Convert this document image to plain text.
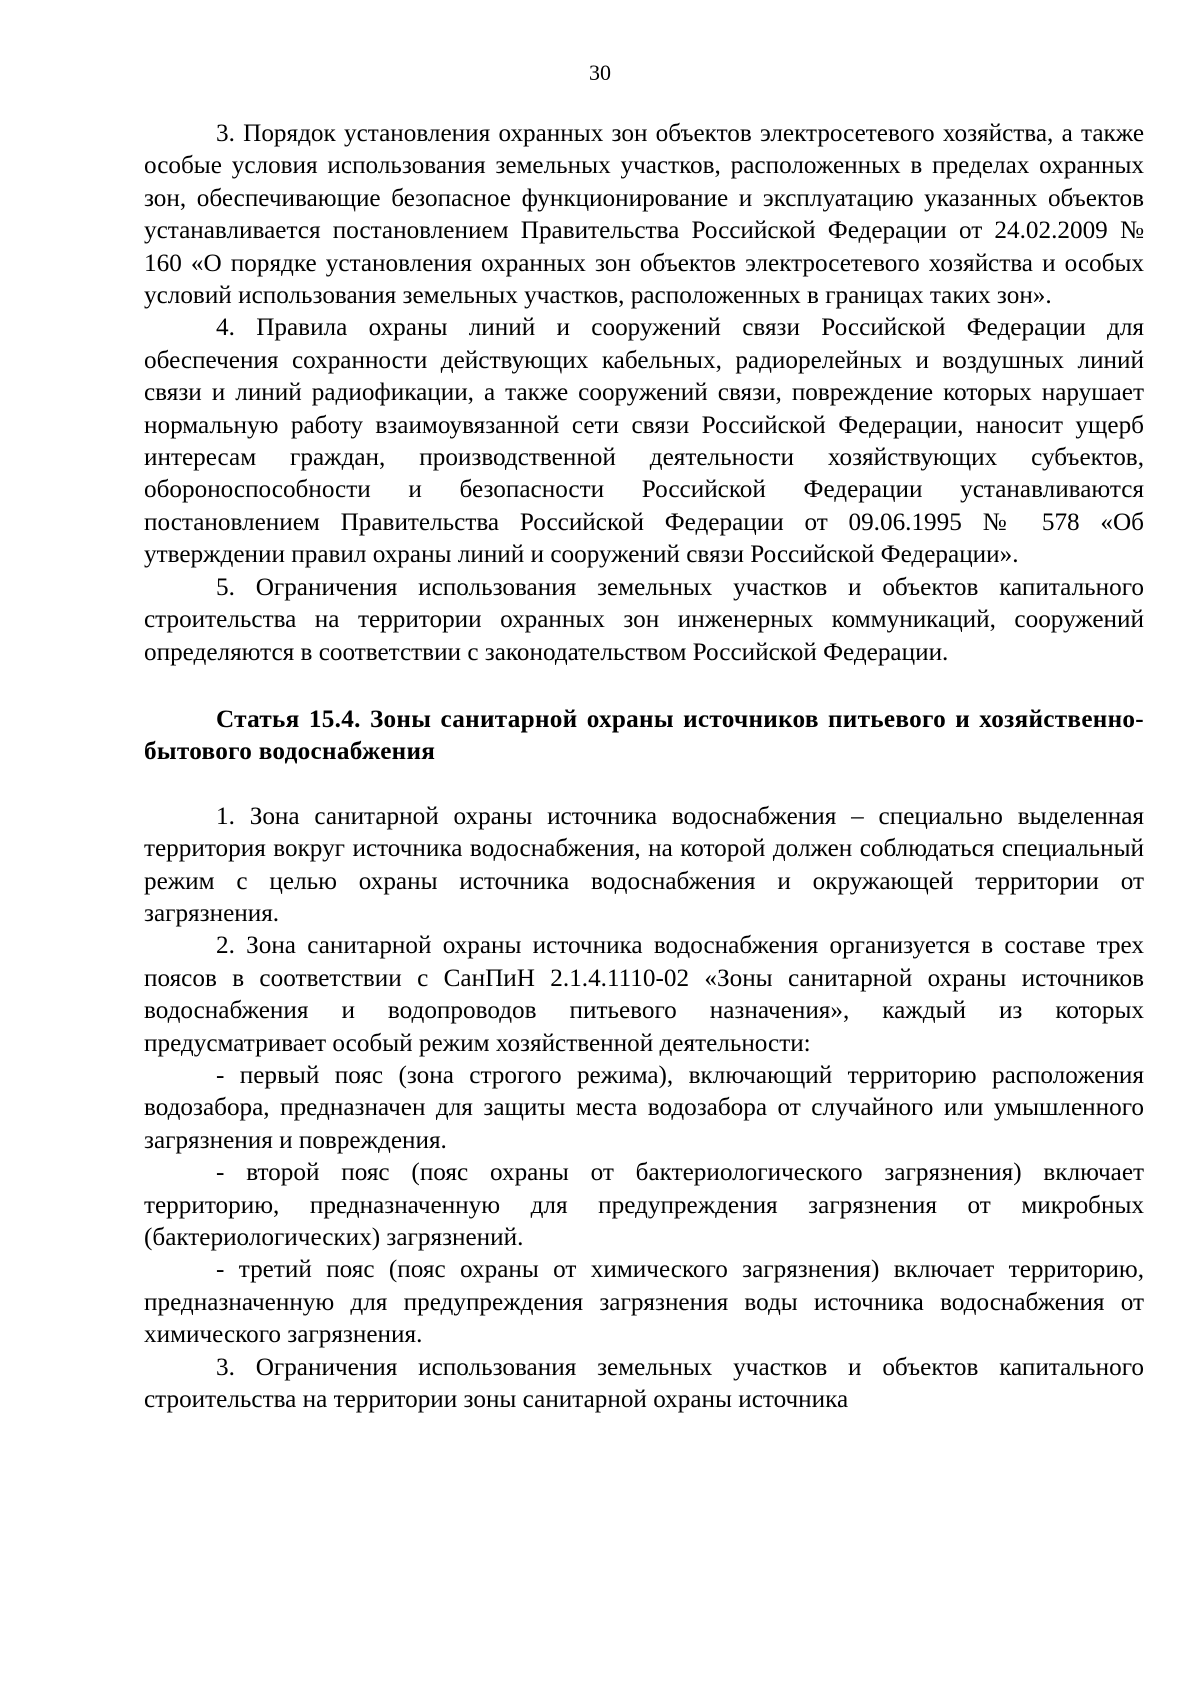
30

3. Порядок установления охранных зон объектов электросетевого хозяйства, а также особые условия использования земельных участков, расположенных в пределах охранных зон, обеспечивающие безопасное функционирование и эксплуатацию указанных объектов устанавливается постановлением Правительства Российской Федерации от 24.02.2009 № 160 «О порядке установления охранных зон объектов электросетевого хозяйства и особых условий использования земельных участков, расположенных в границах таких зон».

4. Правила охраны линий и сооружений связи Российской Федерации для обеспечения сохранности действующих кабельных, радиорелейных и воздушных линий связи и линий радиофикации, а также сооружений связи, повреждение которых нарушает нормальную работу взаимоувязанной сети связи Российской Федерации, наносит ущерб интересам граждан, производственной деятельности хозяйствующих субъектов, обороноспособности и безопасности Российской Федерации устанавливаются постановлением Правительства Российской Федерации от 09.06.1995 № 578 «Об утверждении правил охраны линий и сооружений связи Российской Федерации».

5. Ограничения использования земельных участков и объектов капитального строительства на территории охранных зон инженерных коммуникаций, сооружений определяются в соответствии с законодательством Российской Федерации.

Статья 15.4. Зоны санитарной охраны источников питьевого и хозяйственно-бытового водоснабжения

1. Зона санитарной охраны источника водоснабжения – специально выделенная территория вокруг источника водоснабжения, на которой должен соблюдаться специальный режим с целью охраны источника водоснабжения и окружающей территории от загрязнения.

2. Зона санитарной охраны источника водоснабжения организуется в составе трех поясов в соответствии с СанПиН 2.1.4.1110-02 «Зоны санитарной охраны источников водоснабжения и водопроводов питьевого назначения», каждый из которых предусматривает особый режим хозяйственной деятельности:

- первый пояс (зона строгого режима), включающий территорию расположения водозабора, предназначен для защиты места водозабора от случайного или умышленного загрязнения и повреждения.

- второй пояс (пояс охраны от бактериологического загрязнения) включает территорию, предназначенную для предупреждения загрязнения от микробных (бактериологических) загрязнений.

- третий пояс (пояс охраны от химического загрязнения) включает территорию, предназначенную для предупреждения загрязнения воды источника водоснабжения от химического загрязнения.

3. Ограничения использования земельных участков и объектов капитального строительства на территории зоны санитарной охраны источника
